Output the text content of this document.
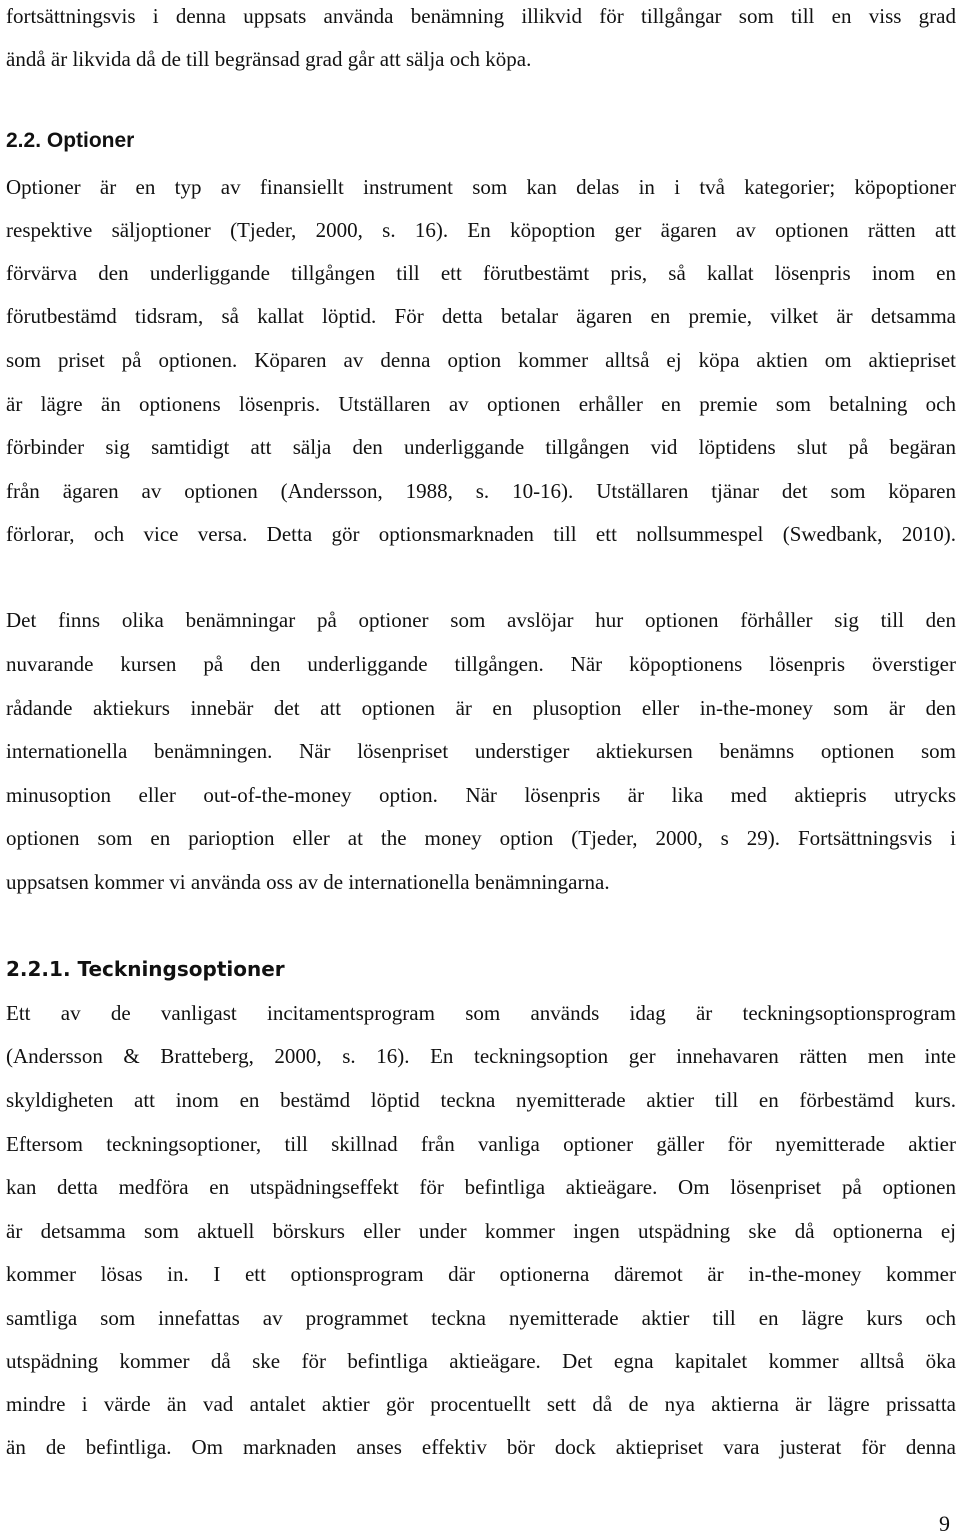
fortsättningsvis i denna uppsats använda benämning illikvid för tillgångar som till en viss grad
ändå är likvida då de till begränsad grad går att sälja och köpa.
2.2. Optioner
Optioner är en typ av finansiellt instrument som kan delas in i två kategorier; köpoptioner
respektive säljoptioner (Tjeder, 2000, s. 16). En köpoption ger ägaren av optionen rätten att
förvärva den underliggande tillgången till ett förutbestämt pris, så kallat lösenpris inom en
förutbestämd tidsram, så kallat löptid. För detta betalar ägaren en premie, vilket är detsamma
som priset på optionen. Köparen av denna option kommer alltså ej köpa aktien om aktiepriset
är lägre än optionens lösenpris. Utställaren av optionen erhåller en premie som betalning och
förbinder sig samtidigt att sälja den underliggande tillgången vid löptidens slut på begäran
från ägaren av optionen (Andersson, 1988, s. 10-16). Utställaren tjänar det som köparen
förlorar, och vice versa. Detta gör optionsmarknaden till ett nollsummespel (Swedbank, 2010).
Det finns olika benämningar på optioner som avslöjar hur optionen förhåller sig till den
nuvarande kursen på den underliggande tillgången. När köpoptionens lösenpris överstiger
rådande aktiekurs innebär det att optionen är en plusoption eller in-the-money som är den
internationella benämningen. När lösenpriset understiger aktiekursen benämns optionen som
minusoption eller out-of-the-money option. När lösenpris är lika med aktiepris utrycks
optionen som en parioption eller at the money option (Tjeder, 2000, s 29). Fortsättningsvis i
uppsatsen kommer vi använda oss av de internationella benämningarna.
2.2.1. Teckningsoptioner
Ett av de vanligast incitamentsprogram som används idag är teckningsoptionsprogram
(Andersson & Bratteberg, 2000, s. 16). En teckningsoption ger innehavaren rätten men inte
skyldigheten att inom en bestämd löptid teckna nyemitterade aktier till en förbestämd kurs.
Eftersom teckningsoptioner, till skillnad från vanliga optioner gäller för nyemitterade aktier
kan detta medföra en utspädningseffekt för befintliga aktieägare. Om lösenpriset på optionen
är detsamma som aktuell börskurs eller under kommer ingen utspädning ske då optionerna ej
kommer lösas in. I ett optionsprogram där optionerna däremot är in-the-money kommer
samtliga som innefattas av programmet teckna nyemitterade aktier till en lägre kurs och
utspädning kommer då ske för befintliga aktieägare. Det egna kapitalet kommer alltså öka
mindre i värde än vad antalet aktier gör procentuellt sett då de nya aktierna är lägre prissatta
än de befintliga. Om marknaden anses effektiv bör dock aktiepriset vara justerat för denna
9
